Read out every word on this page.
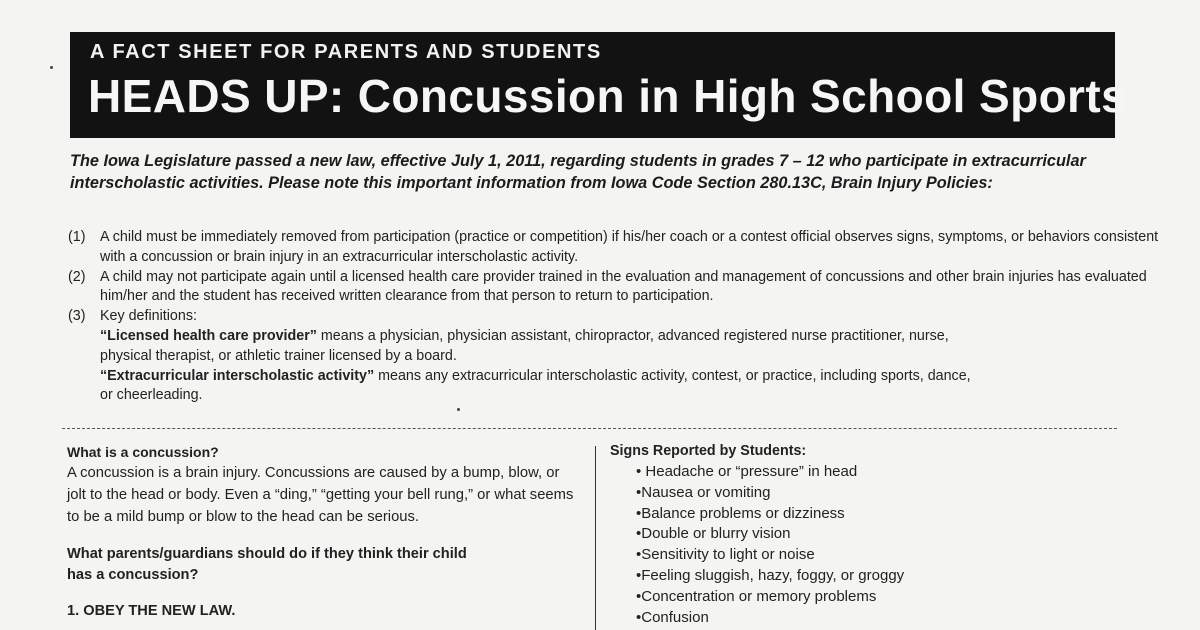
A FACT SHEET FOR PARENTS AND STUDENTS
HEADS UP: Concussion in High School Sports
The Iowa Legislature passed a new law, effective July 1, 2011, regarding students in grades 7 – 12 who participate in extracurricular interscholastic activities. Please note this important information from Iowa Code Section 280.13C, Brain Injury Policies:
(1) A child must be immediately removed from participation (practice or competition) if his/her coach or a contest official observes signs, symptoms, or behaviors consistent with a concussion or brain injury in an extracurricular interscholastic activity.
(2) A child may not participate again until a licensed health care provider trained in the evaluation and management of concussions and other brain injuries has evaluated him/her and the student has received written clearance from that person to return to participation.
(3) Key definitions:
“Licensed health care provider” means a physician, physician assistant, chiropractor, advanced registered nurse practitioner, nurse, physical therapist, or athletic trainer licensed by a board.
“Extracurricular interscholastic activity” means any extracurricular interscholastic activity, contest, or practice, including sports, dance, or cheerleading.

What is a concussion?

A concussion is a brain injury. Concussions are caused by a bump, blow, or jolt to the head or body. Even a “ding,” “getting your bell rung,” or what seems to be a mild bump or blow to the head can be serious.

What parents/guardians should do if they think their child has a concussion?

1. OBEY THE NEW LAW.

Signs Reported by Students:

• Headache or “pressure” in head
•Nausea or vomiting
•Balance problems or dizziness
•Double or blurry vision
•Sensitivity to light or noise
•Feeling sluggish, hazy, foggy, or groggy
•Concentration or memory problems
•Confusion
